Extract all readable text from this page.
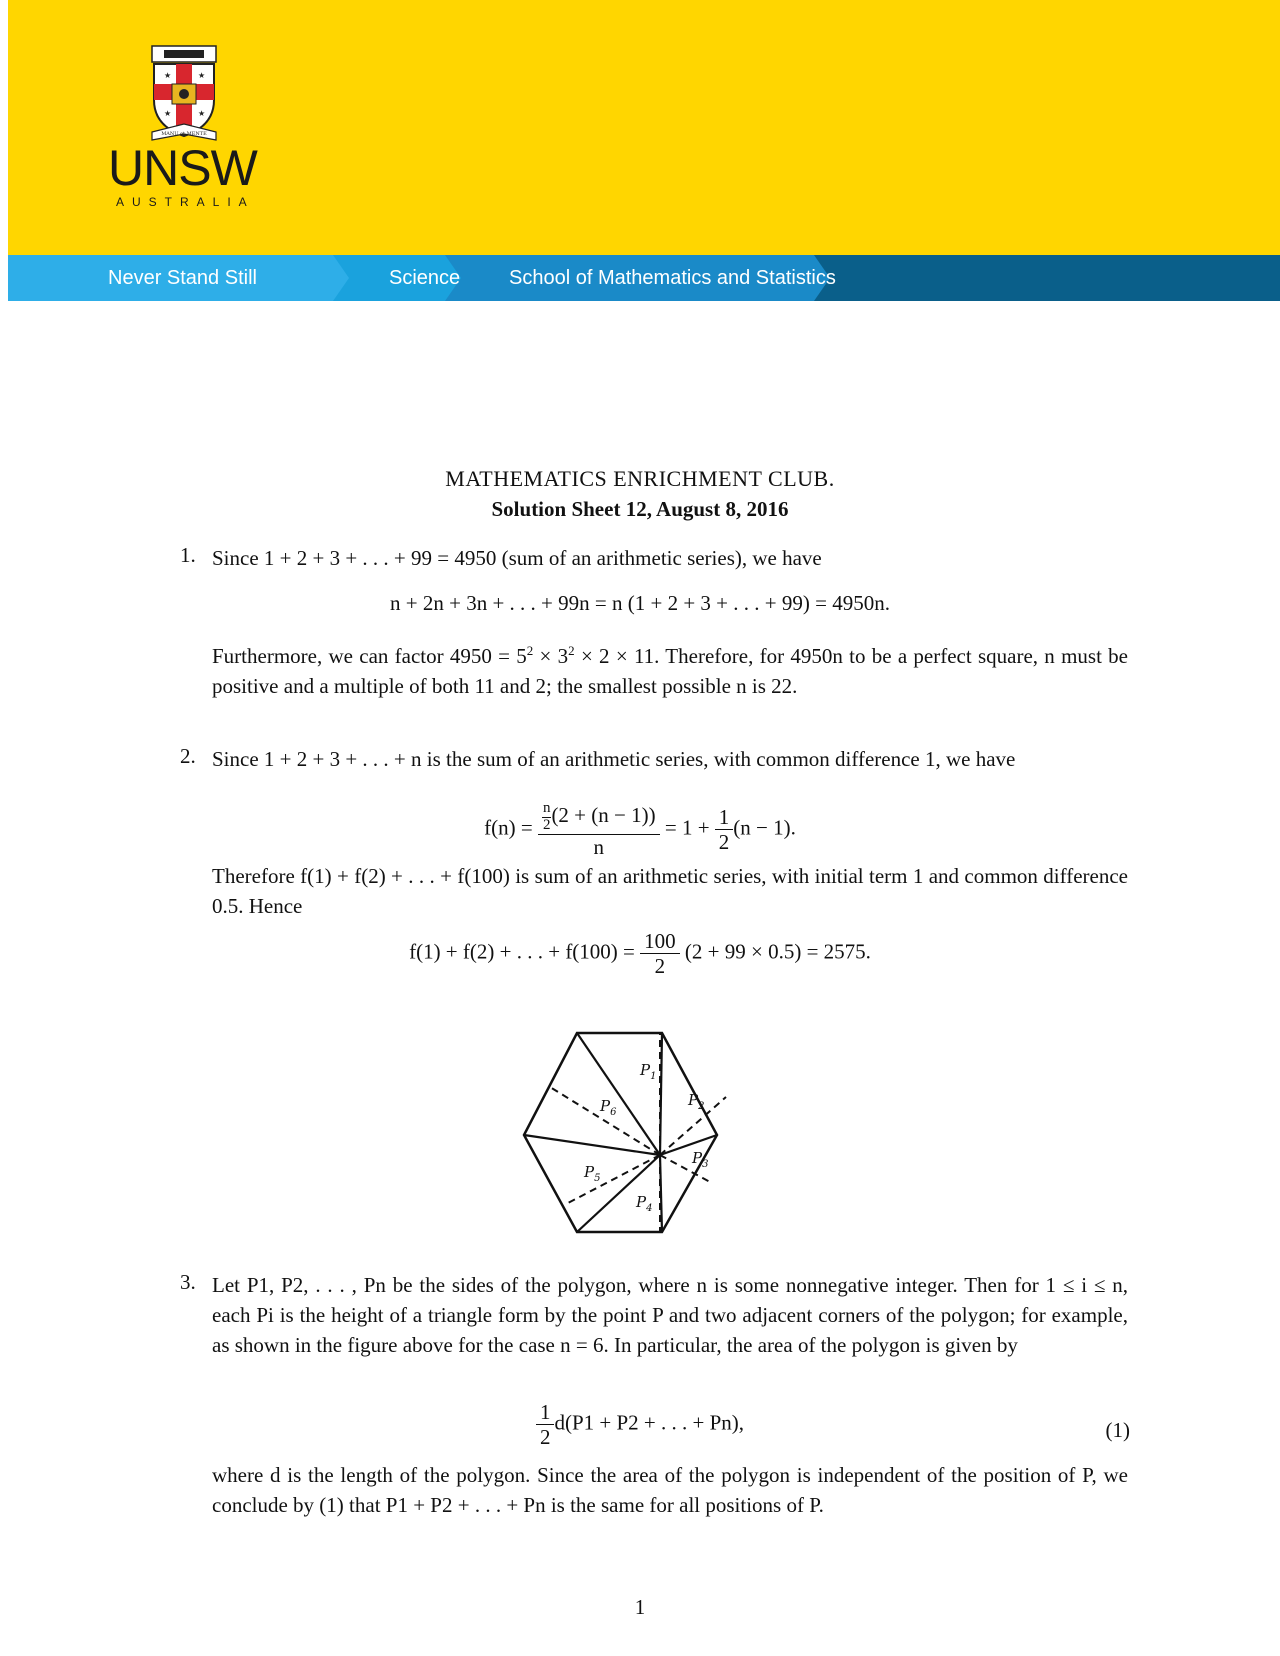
★	★
★	★
MANU et MENTE
UNSW
AUSTRALIA
Never Stand Still	Science School of Mathematics and Statistics
MATHEMATICS ENRICHMENT CLUB.
Solution Sheet 12, August 8, 2016
1. Since 1 + 2 + 3 + . . . + 99 = 4950 (sum of an arithmetic series), we have
n + 2n + 3n + . . . + 99n = n (1 + 2 + 3 + . . . + 99) = 4950n.
Furthermore, we can factor $4950 = 5^2 \times 3^2 \times 2 \times 11$. Therefore, for 4950n to be a perfect square, n must be positive and a multiple of both 11 and 2; the smallest possible n is 22.
2. Since 1 + 2 + 3 + . . . + n is the sum of an arithmetic series, with common difference 1, we have
$f(n) = \frac{\frac{n}{2} (2 + (n - 1))}{n} = 1 + \frac{1}{2} (n - 1)$.
Therefore f(1) + f(2) + . . . + f(100) is sum of an arithmetic series, with initial term 1 and common difference 0.5. Hence
f(1) + f(2) + . . . + $f(100) = \frac{100}{2} (2 + 99 \times 0.5) = 2575$.
$P_1$
$P_2$
$P_3$
$P_4$
$P_5$
$P_6$
3. Let P1, P2, . . . , Pn be the sides of the polygon, where n is some nonnegative integer. Then for 1 ≤ i ≤ n, each Pi is the height of a triangle form by the point P and two adjacent corners of the polygon; for example, as shown in the figure above for the case n = 6. In particular, the area of the polygon is given by
$\frac{1}{2} d(P1 + P2$ + . . . + Pn),	(1)
where d is the length of the polygon. Since the area of the polygon is independent of the position of P, we conclude by (1) that P1 + P2 + . . . + Pn is the same for all positions of P.
1
